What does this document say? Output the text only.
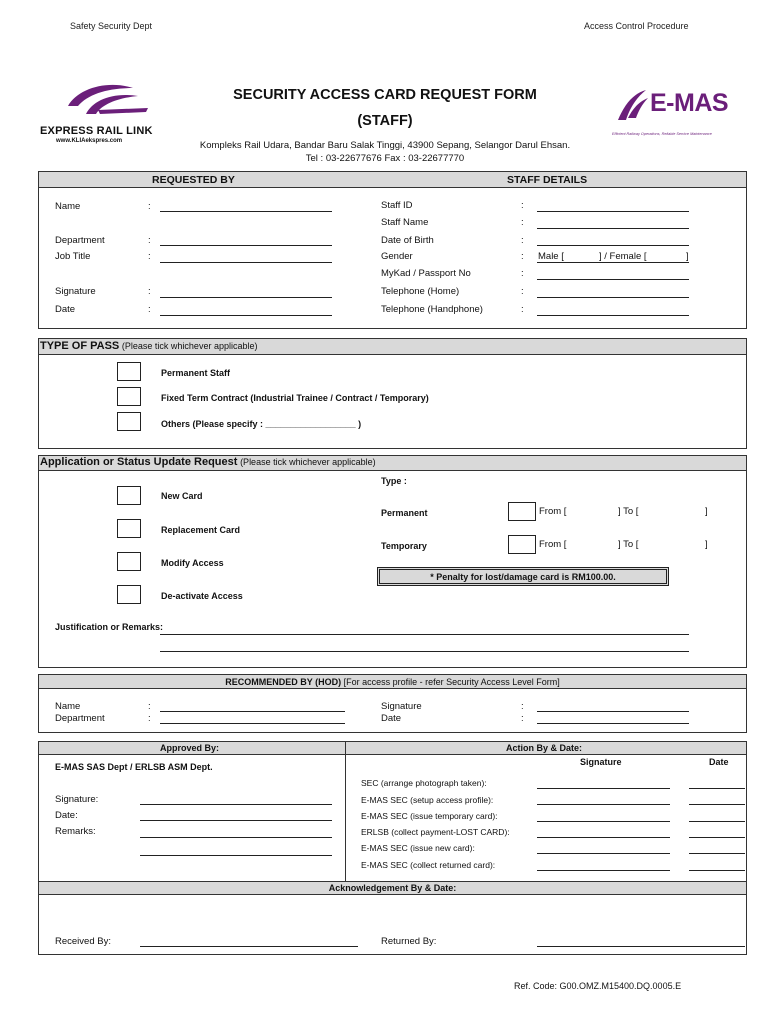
Safety Security Dept	Access Control Procedure
EXPRESS RAIL LINK
www.KLIAekspres.com
E-MAS
Efficient Railway Operations, Reliable Service Maintenance
SECURITY ACCESS CARD REQUEST FORM
(STAFF)
Kompleks Rail Udara, Bandar Baru Salak Tinggi, 43900 Sepang, Selangor Darul Ehsan.
Tel : 03-22677676 Fax : 03-22677770
REQUESTED BY	STAFF DETAILS
Name	:
Department	:
Job Title	:
Signature	:
Date	:
Staff ID	:
Staff Name	:
Date of Birth	:
Gender	: Male [	] / Female [	]
MyKad / Passport No	:
Telephone (Home)	:
Telephone (Handphone)	:
TYPE OF PASS (Please tick whichever applicable)
Permanent Staff
Fixed Term Contract (Industrial Trainee / Contract / Temporary)
Others (Please specify : __________________ )
Application or Status Update Request (Please tick whichever applicable)
New Card
Replacement Card
Modify Access
De-activate Access
Type :
Permanent	From [	] To [	]
Temporary	From [	] To [	]
* Penalty for lost/damage card is RM100.00.
Justification or Remarks:
RECOMMENDED BY (HOD) [For access profile - refer Security Access Level Form]
Name	:
Department	:
Signature	:
Date	:
Approved By:	Action By & Date:
E-MAS SAS Dept / ERLSB ASM Dept.	Signature	Date
Signature:
Date:
Remarks:
SEC (arrange photograph taken):
E-MAS SEC (setup access profile):
E-MAS SEC (issue temporary card):
ERLSB (collect payment-LOST CARD):
E-MAS SEC (issue new card):
E-MAS SEC (collect returned card):
Acknowledgement By & Date:
Received By:	Returned By:
Ref. Code: G00.OMZ.M15400.DQ.0005.E
